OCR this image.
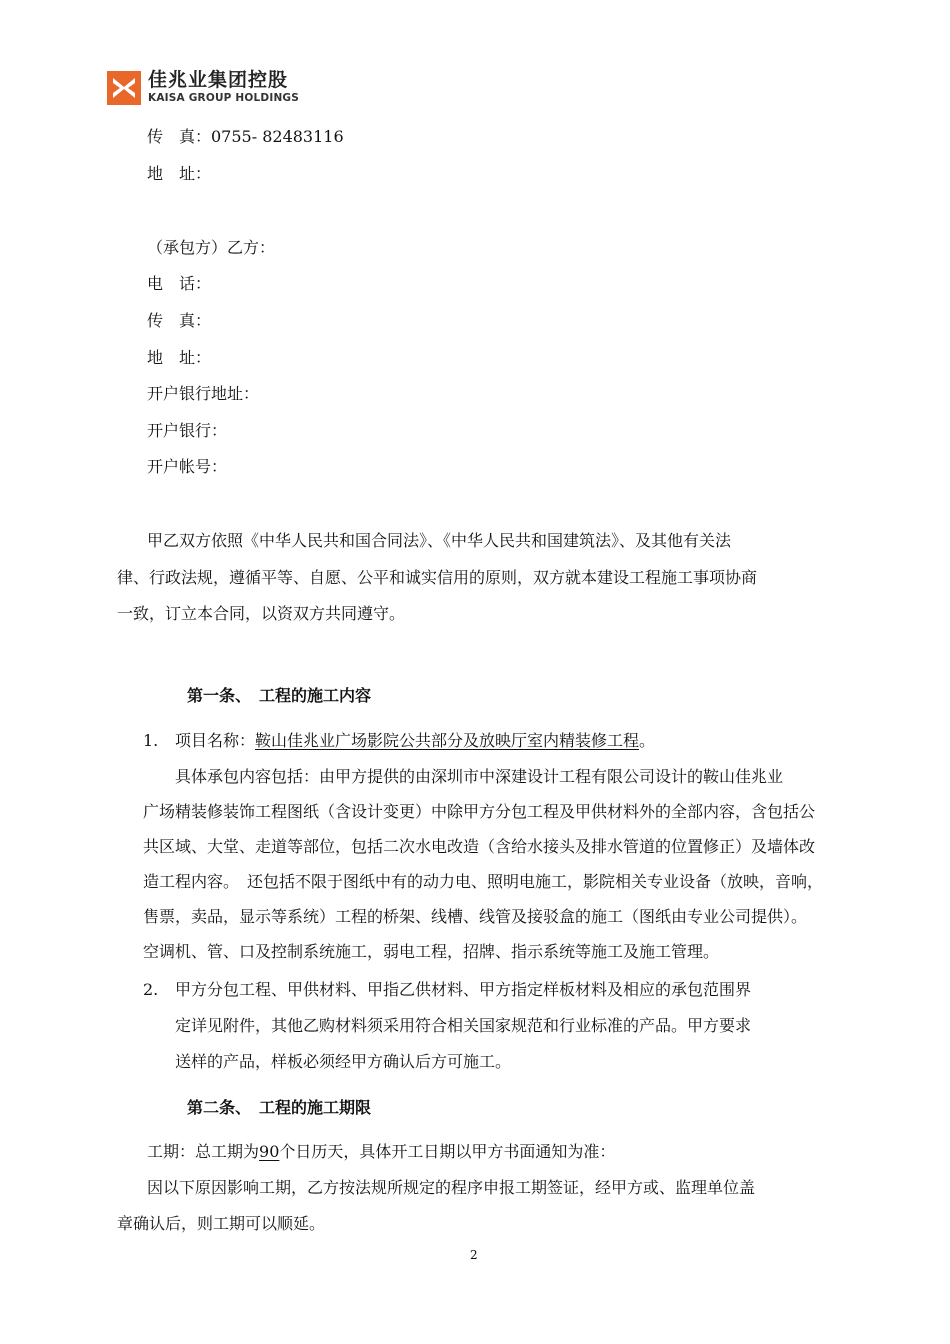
佳兆业集团控股
KAISA GROUP HOLDINGS
传　真：0755- 82483116
地　址：
（承包方）乙方：
电　话：
传　真：
地　址：
开户银行地址：
开户银行：
开户帐号：
甲乙双方依照《中华人民共和国合同法》、《中华人民共和国建筑法》、及其他有关法
律、行政法规，遵循平等、自愿、公平和诚实信用的原则，双方就本建设工程施工事项协商
一致，订立本合同，以资双方共同遵守。
第一条、　工程的施工内容
1. 项目名称：鞍山佳兆业广场影院公共部分及放映厅室内精装修工程。
具体承包内容包括：由甲方提供的由深圳市中深建设计工程有限公司设计的鞍山佳兆业
广场精装修装饰工程图纸（含设计变更）中除甲方分包工程及甲供材料外的全部内容，含包括公
共区域、大堂、走道等部位，包括二次水电改造（含给水接头及排水管道的位置修正）及墙体改
造工程内容。　还包括不限于图纸中有的动力电、照明电施工，影院相关专业设备（放映，音响，
售票，卖品，显示等系统）工程的桥架、线槽、线管及接驳盒的施工（图纸由专业公司提供）。
空调机、管、口及控制系统施工，弱电工程，招牌、指示系统等施工及施工管理。
2. 甲方分包工程、甲供材料、甲指乙供材料、甲方指定样板材料及相应的承包范围界
定详见附件，其他乙购材料须采用符合相关国家规范和行业标准的产品。甲方要求
送样的产品，样板必须经甲方确认后方可施工。
第二条、　工程的施工期限
工期：总工期为90个日历天，具体开工日期以甲方书面通知为准：
因以下原因影响工期，乙方按法规所规定的程序申报工期签证，经甲方或、监理单位盖
章确认后，则工期可以顺延。
2
